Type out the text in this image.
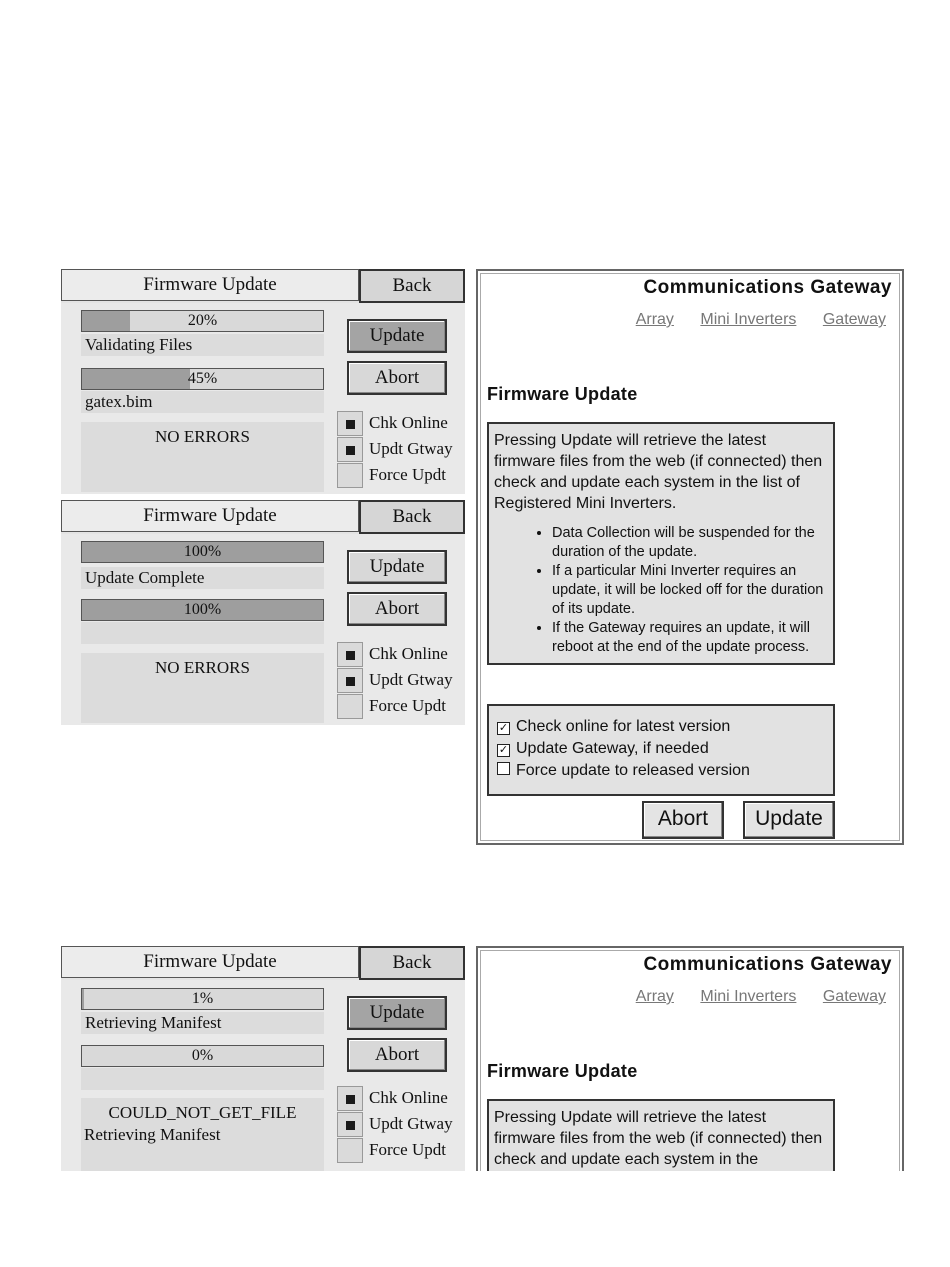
Firmware Update	Back
20%
Validating Files
45%
gatex.bim
NO ERRORS
Update
Abort
Chk Online
Updt Gtway
Force Updt
Firmware Update	Back
100%
Update Complete
100%
NO ERRORS
Update
Abort
Chk Online
Updt Gtway
Force Updt
Firmware Update	Back
1%
Retrieving Manifest
0%
COULD_NOT_GET_FILE
Retrieving Manifest
Update
Abort
Chk Online
Updt Gtway
Force Updt
Communications Gateway
Array Mini Inverters Gateway
Firmware Update
Pressing Update will retrieve the latest firmware files from the web (if connected) then check and update each system in the list of Registered Mini Inverters.
• Data Collection will be suspended for the duration of the update.
• If a particular Mini Inverter requires an update, it will be locked off for the duration of its update.
• If the Gateway requires an update, it will reboot at the end of the update process.
✓ Check online for latest version
✓ Update Gateway, if needed
Force update to released version
Abort	Update
Communications Gateway
Array Mini Inverters Gateway
Firmware Update
Pressing Update will retrieve the latest firmware files from the web (if connected) then check and update each system in the
